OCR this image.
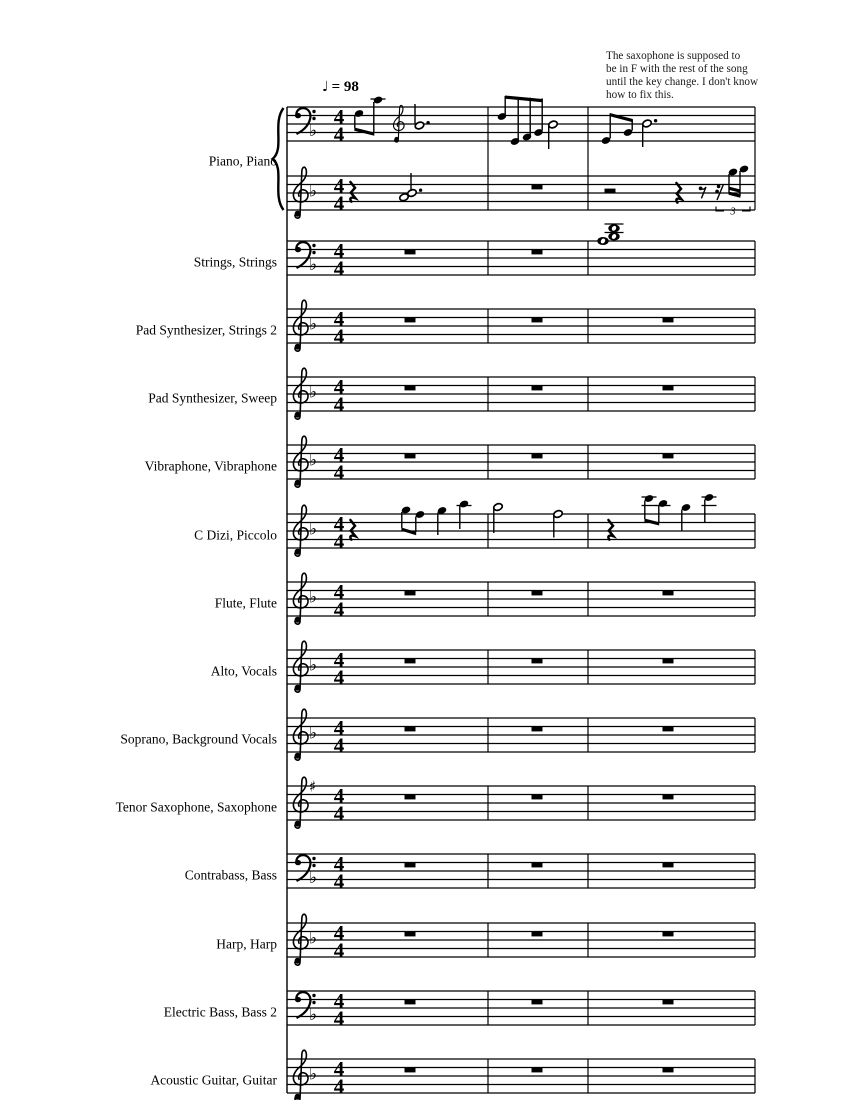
The saxophone is supposed to
be in F with the rest of the song
until the key change. I don't know
how to fix this.
♩ = 98
Piano, Piano
♭
4
4
♭ 4
4	3
Strings, Strings ♭
4
4
Pad Synthesizer, Strings 2 ♭ 4
4
Pad Synthesizer, Sweep ♭ 4
4
Vibraphone, Vibraphone ♭ 4
4
C Dizi, Piccolo ♭ 4
4
Flute, Flute ♭ 4
4
Alto, Vocals ♭ 4
4
Soprano, Background Vocals ♭ 4
4
Tenor Saxophone, Saxophone
♯ 4
4
Contrabass, Bass ♭
4
4
Harp, Harp ♭ 4
4
Electric Bass, Bass 2 ♭
4
4
Acoustic Guitar, Guitar ♭ 4
4
